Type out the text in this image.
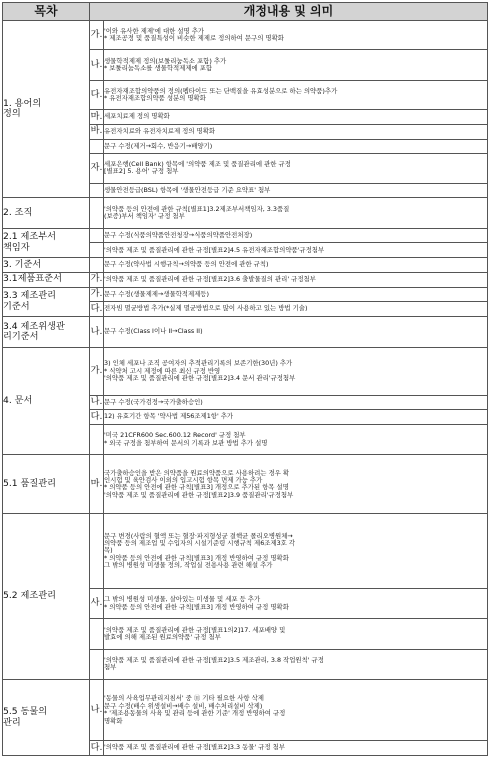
목차	개정내용 및 의미	

1. 용어의
정의	가.	'이와 유사한 제제'에 대한 설명 추가
* 제조공정 및 품질특성이 비슷한 제제로 정의하여 문구의 명확화

	나.	생물학적제제 정의(보툴리눔독소 포함) 추가
* 보툴리눔독소를 생물학적제제에 포함

	다.	유전자재조합의약품의 정의(펩타이드 또는 단백질을 유효성분으로 하는 의약품)추가
* 유전자재조합의약품 성분의 명확화

	마.	세포치료제 정의 명확화

	바.	유전자치료와 유전자치료제 정의 명확화

		문구 수정(제거→회수, 반응기→배양기)

	자.	세포은행(Cell Bank) 항목에 '의약품 제조 및 품질관리에 관한 규정
[별표2] 5. 용어' 규정 첨부

		생물안전등급(BSL) 항목에 '생물안전등급 기준 요약표' 첨부

2. 조직		'의약품 등의 안전에 관한 규칙[별표1]3.2제조부서책임자, 3.3품질
(보증)부서 책임자' 규정 첨부

2.1 제조부서
책임자		문구 수정(식품의약품안전청장→식품의약품안전처장)

		'의약품 제조 및 품질관리에 관한 규정[별표2]4.5 유전자재조합의약품'규정첨부

3. 기준서		문구 수정(약사법 시행규칙→의약품 등의 안전에 관한 규칙)

3.1제품표준서	가.	'의약품 제조 및 품질관리에 관한 규정[별표2]3.6 출발물질의 관리' 규정첨부

3.3 제조관리
기준서	가.	문구 수정(생물제제→생물학적제제등)

	다.	전자빔 멸균방법 추가(*실제 멸균방법으로 많이 사용하고 있는 방법 기술)

3.4 제조위생관
리기준서	나.	문구 수정(Class I이나 II→Class II)

4. 문서	가.	3) 인체 세포나 조직 공여자의 추적관리기록의 보존기한(30년) 추가
* 식약처 고시 제정에 따른 최신 규정 반영
'의약품 제조 및 품질관리에 관한 규정[별표2]3.4 문서 관리'규정첨부

	나.	문구 수정(국가검정→국가출하승인)

	다.	12) 유효기간 항목 '약사법 제56조제1항' 추가

		'미국 21CFR600 Sec.600.12 Record' 규정 첨부
* 외국 규정을 첨부하여 문서의 기록과 보관 방법 추가 설명

5.1 품질관리	마.	국가출하승인을 받은 의약품을 원료의약품으로 사용하려는 경우 확
인시험 및 육안검사 이외의 입고시험 항목 면제 가능 추가
* 의약품 등의 안전에 관한 규칙[별표3] 개정으로 추가된 항목 설명
'의약품 제조 및 품질관리에 관한 규정[별표2]3.9 품질관리'규정첨부

5.2 제조관리		문구 변경(사람의 혈액 또는 혈장·파지형성균 결핵균 폴리오병원체→
의약품 등의 제조업 및 수입자의 시설기준령 시행규칙 제6조제3호 각
목)
* 의약품 등의 안전에 관한 규칙[별표3] 개정 반영하여 규정 명확화
그 밖의 병원성 미생물 정의, 작업실 전용사용 관련 해설 추가

	사.	그 밖의 병원성 미생물, 살아있는 미생물 및 세포 등 추가
* 의약품 등의 안전에 관한 규칙[별표3] 개정 반영하여 규정 명확화

		'의약품 제조 및 품질관리에 관한 규정[별표1의2]17. 세포배양 및
발효에 의해 제조된 원료의약품' 규정 첨부

		'의약품 제조 및 품질관리에 관한 규정[별표2]3.5 제조관리, 3.8 작업원칙' 규정
첨부

5.5 동물의
관리	나.	'동물의 사육업무관리지침서' 중 ⑪ 기타 필요한 사항 삭제
문구 수정(배수 위생설비→배수 설비, 배수처리설비 삭제)
* '제조용동물의 사육 및 관리 등에 관한 기준' 개정 반영하여 규정
명확화

	다.	'의약품 제조 및 품질관리에 관한 규정[별표2]3.3 동물' 규정 첨부
